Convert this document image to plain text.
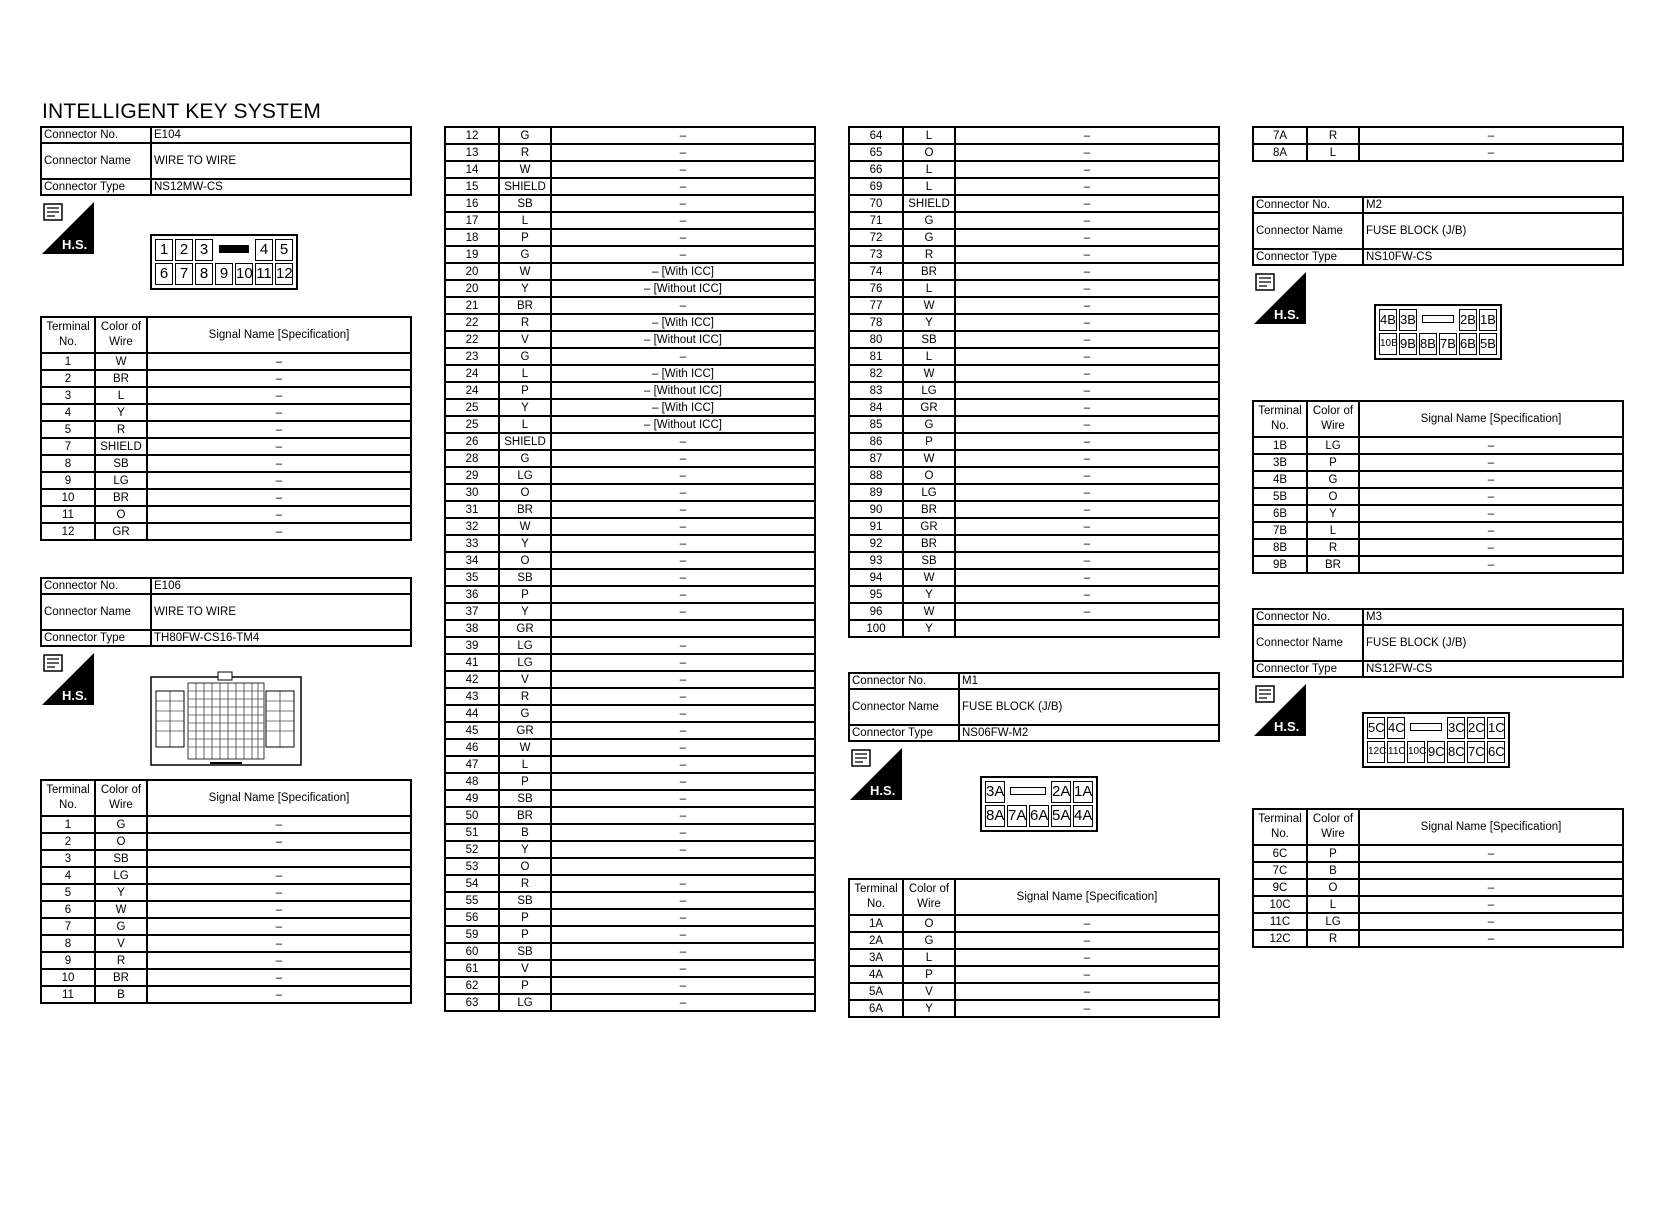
INTELLIGENT KEY SYSTEM
Connector No.	E104
Connector Name	WIRE TO WIRE
Connector Type	NS12MW-CS
H.S.	1 2 3	4 5
6 7 8 9 10 11 12
Terminal No.	Color of Wire	Signal Name [Specification]
1	W	–
2	BR	–
3	L	–
4	Y	–
5	R	–
7	SHIELD	–
8	SB	–
9	LG	–
10	BR	–
11	O	–
12	GR	–
Connector No.	E106
Connector Name	WIRE TO WIRE
Connector Type	TH80FW-CS16-TM4
H.S.
Terminal No.	Color of Wire	Signal Name [Specification]
1	G	–
2	O	–
3	SB	
4	LG	–
5	Y	–
6	W	–
7	G	–
8	V	–
9	R	–
10	BR	–
11	B	–
12	G	–
13	R	–
14	W	–
15	SHIELD	–
16	SB	–
17	L	–
18	P	–
19	G	–
20	W	– [With ICC]
20	Y	– [Without ICC]
21	BR	–
22	R	– [With ICC]
22	V	– [Without ICC]
23	G	–
24	L	– [With ICC]
24	P	– [Without ICC]
25	Y	– [With ICC]
25	L	– [Without ICC]
26	SHIELD	–
28	G	–
29	LG	–
30	O	–
31	BR	–
32	W	–
33	Y	–
34	O	–
35	SB	–
36	P	–
37	Y	–
38	GR	
39	LG	–
41	LG	–
42	V	–
43	R	–
44	G	–
45	GR	–
46	W	–
47	L	–
48	P	–
49	SB	–
50	BR	–
51	B	–
52	Y	–
53	O	
54	R	–
55	SB	–
56	P	–
59	P	–
60	SB	–
61	V	–
62	P	–
63	LG	–
64	L	–
65	O	–
66	L	–
69	L	–
70	SHIELD	–
71	G	–
72	G	–
73	R	–
74	BR	–
76	L	–
77	W	–
78	Y	–
80	SB	–
81	L	–
82	W	–
83	LG	–
84	GR	–
85	G	–
86	P	–
87	W	–
88	O	–
89	LG	–
90	BR	–
91	GR	–
92	BR	–
93	SB	–
94	W	–
95	Y	–
96	W	–
100	Y	
Connector No.	M1
Connector Name	FUSE BLOCK (J/B)
Connector Type	NS06FW-M2
H.S.	3A	2A 1A
8A 7A 6A 5A 4A
Terminal No.	Color of Wire	Signal Name [Specification]
1A	O	–
2A	G	–
3A	L	–
4A	P	–
5A	V	–
6A	Y	–
7A	R	–
8A	L	–
Connector No.	M2
Connector Name	FUSE BLOCK (J/B)
Connector Type	NS10FW-CS
H.S.	4B 3B	2B 1B
10B 9B 8B 7B 6B 5B
Terminal No.	Color of Wire	Signal Name [Specification]
1B	LG	–
3B	P	–
4B	G	–
5B	O	–
6B	Y	–
7B	L	–
8B	R	–
9B	BR	–
Connector No.	M3
Connector Name	FUSE BLOCK (J/B)
Connector Type	NS12FW-CS
H.S.	5C 4C	3C 2C 1C
12C 11C 10C 9C 8C 7C 6C
Terminal No.	Color of Wire	Signal Name [Specification]
6C	P	–
7C	B	
9C	O	–
10C	L	–
11C	LG	–
12C	R	–
